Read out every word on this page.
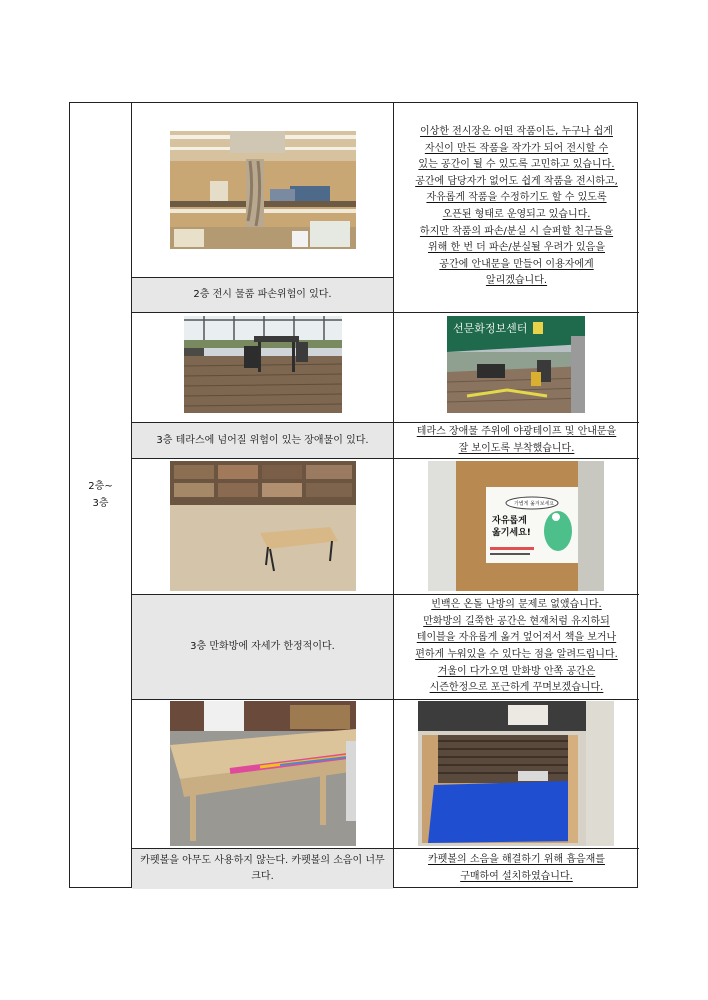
2층~
3층
2층 전시 물품 파손위험이 있다.
이상한 전시장은 어떤 작품이든, 누구나 쉽게
자신이 만든 작품을 작가가 되어 전시할 수
있는 공간이 될 수 있도록 고민하고 있습니다.
공간에 담당자가 없어도 쉽게 작품을 전시하고,
자유롭게 작품을 수정하기도 할 수 있도록
오픈된 형태로 운영되고 있습니다.
하지만 작품의 파손/분실 시 슬퍼할 친구들을
위해 한 번 더 파손/분실될 우려가 있음을
공간에 안내문을 만들어 이용자에게
알리겠습니다.
3층 테라스에 넘어질 위험이 있는 장애물이 있다.
선문화정보센터
테라스 장애물 주위에 야광테이프 및 안내문을
잘 보이도록 부착했습니다.
가볍게 옮겨보세요
자유롭게 옮기세요!
3층 만화방에 자세가 한정적이다.
빈백은 온돌 난방의 문제로 없앴습니다.
만화방의 길쭉한 공간은 현재처럼 유지하되
테이블을 자유롭게 옮겨 엎어져서 책을 보거나
편하게 누워있을 수 있다는 점을 알려드립니다.
겨울이 다가오면 만화방 안쪽 공간은
시즌한정으로 포근하게 꾸며보겠습니다.
카펫볼을 아무도 사용하지 않는다. 카펫볼의 소음이 너무 크다.
카펫볼의 소음을 해결하기 위해 흡음재를
구매하여 설치하였습니다.
